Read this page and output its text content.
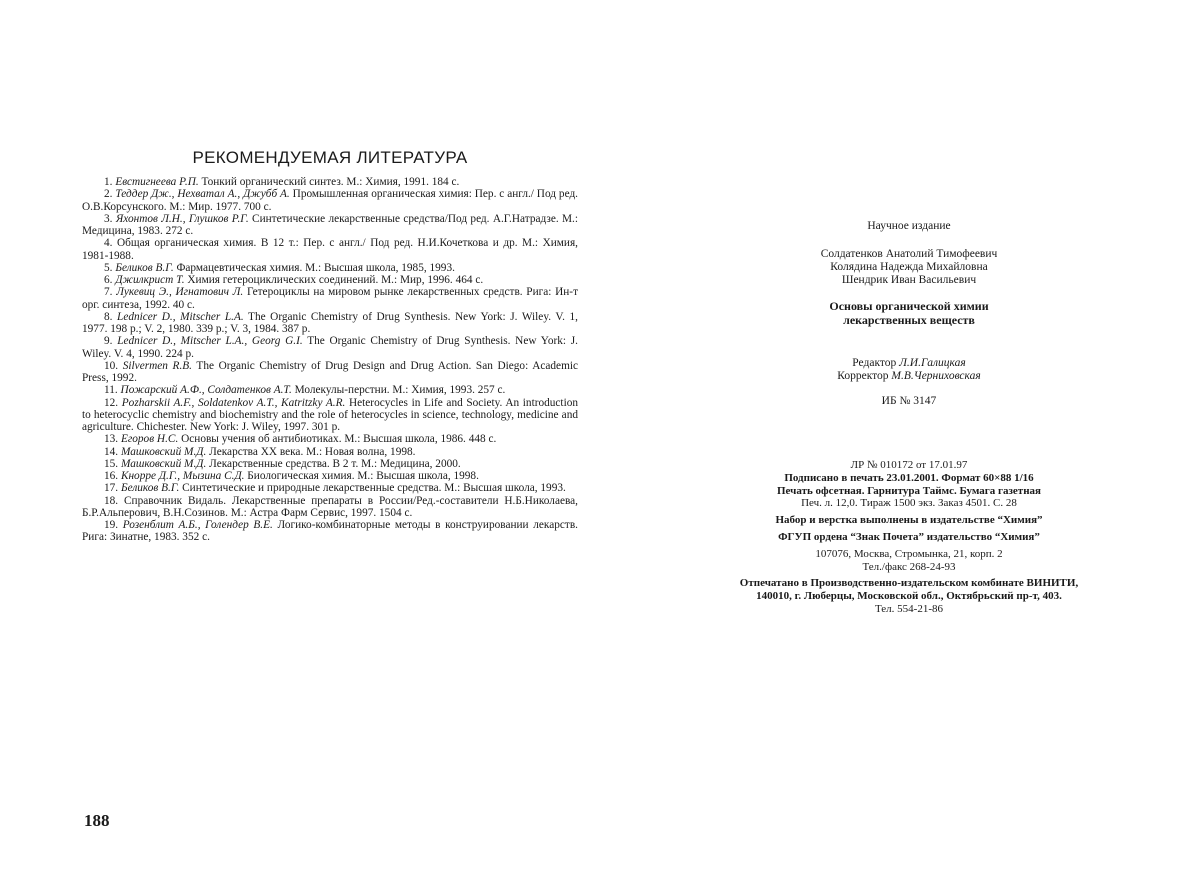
РЕКОМЕНДУЕМАЯ ЛИТЕРАТУРА
1. Евстигнеева Р.П. Тонкий органический синтез. М.: Химия, 1991. 184 с.
2. Теддер Дж., Нехватал А., Джубб А. Промышленная органическая химия: Пер. с англ./ Под ред. О.В.Корсунского. М.: Мир. 1977. 700 с.
3. Яхонтов Л.Н., Глушков Р.Г. Синтетические лекарственные средства/Под ред. А.Г.Натрадзе. М.: Медицина, 1983. 272 с.
4. Общая органическая химия. В 12 т.: Пер. с англ./ Под ред. Н.И.Кочеткова и др. М.: Химия, 1981-1988.
5. Беликов В.Г. Фармацевтическая химия. М.: Высшая школа, 1985, 1993.
6. Джилкрист Т. Химия гетероциклических соединений. М.: Мир, 1996. 464 с.
7. Лукевиц Э., Игнатович Л. Гетероциклы на мировом рынке лекарственных средств. Рига: Ин-т орг. синтеза, 1992. 40 с.
8. Lednicer D., Mitscher L.A. The Organic Chemistry of Drug Synthesis. New York: J. Wiley. V. 1, 1977. 198 p.; V. 2, 1980. 339 p.; V. 3, 1984. 387 p.
9. Lednicer D., Mitscher L.A., Georg G.I. The Organic Chemistry of Drug Synthesis. New York: J. Wiley. V. 4, 1990. 224 p.
10. Silvermen R.B. The Organic Chemistry of Drug Design and Drug Action. San Diego: Academic Press, 1992.
11. Пожарский А.Ф., Солдатенков А.Т. Молекулы-перстни. М.: Химия, 1993. 257 с.
12. Pozharskii A.F., Soldatenkov A.T., Katritzky A.R. Heterocycles in Life and Society. An introduction to heterocyclic chemistry and biochemistry and the role of heterocycles in science, technology, medicine and agriculture. Chichester. New York: J. Wiley, 1997. 301 p.
13. Егоров Н.С. Основы учения об антибиотиках. М.: Высшая школа, 1986. 448 с.
14. Машковский М.Д. Лекарства XX века. М.: Новая волна, 1998.
15. Машковский М.Д. Лекарственные средства. В 2 т. М.: Медицина, 2000.
16. Кнорре Д.Г., Мызина С.Д. Биологическая химия. М.: Высшая школа, 1998.
17. Беликов В.Г. Синтетические и природные лекарственные средства. М.: Высшая школа, 1993.
18. Справочник Видаль. Лекарственные препараты в России/Ред.-составители Н.Б.Николаева, Б.Р.Альперович, В.Н.Созинов. М.: Астра Фарм Сервис, 1997. 1504 с.
19. Розенблит А.Б., Голендер В.Е. Логико-комбинаторные методы в конструировании лекарств. Рига: Зинатне, 1983. 352 с.
188
Научное издание
Солдатенков Анатолий Тимофеевич
Колядина Надежда Михайловна
Шендрик Иван Васильевич
Основы органической химии
лекарственных веществ
Редактор Л.И.Галицкая
Корректор М.В.Черниховская
ИБ № 3147
ЛР № 010172 от 17.01.97
Подписано в печать 23.01.2001. Формат 60×88 1/16
Печать офсетная. Гарнитура Таймс. Бумага газетная
Печ. л. 12,0. Тираж 1500 экз. Заказ 4501. С. 28
Набор и верстка выполнены в издательстве “Химия”
ФГУП ордена “Знак Почета” издательство “Химия”
107076, Москва, Стромынка, 21, корп. 2
Тел./факс 268-24-93
Отпечатано в Производственно-издательском комбинате ВИНИТИ,
140010, г. Люберцы, Московской обл., Октябрьский пр-т, 403.
Тел. 554-21-86
